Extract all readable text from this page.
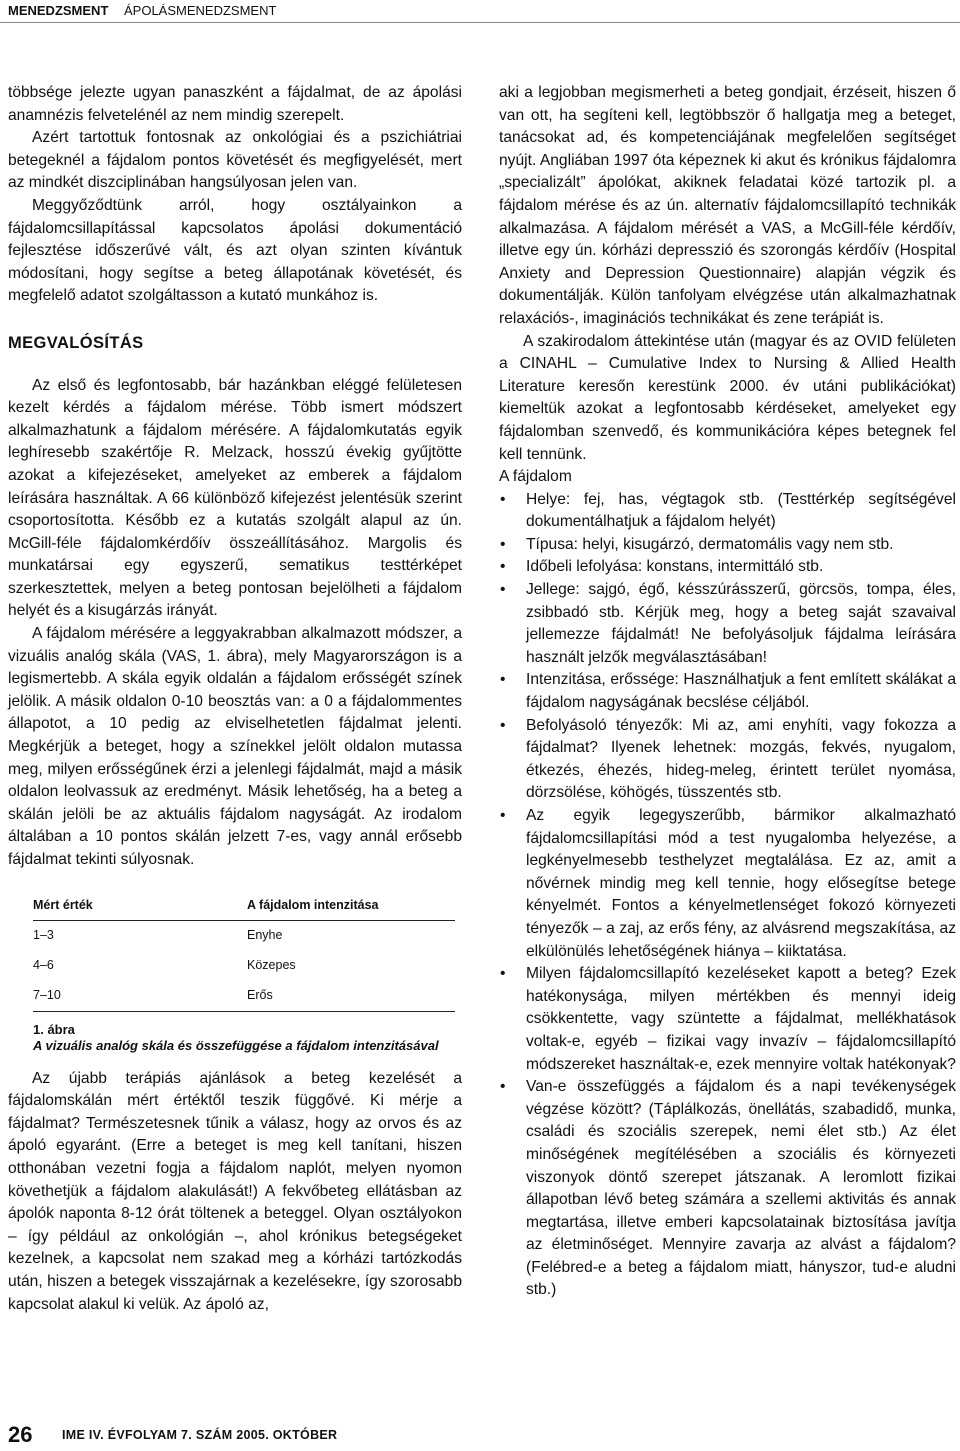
MENEDZSMENT ÁPOLÁSMENEDZSMENT

többsége jelezte ugyan panaszként a fájdalmat, de az ápolási anamnézis felvetelénél az nem mindig szerepelt.

Azért tartottuk fontosnak az onkológiai és a pszichiátriai betegeknél a fájdalom pontos követését és megfigyelését, mert az mindkét diszciplinában hangsúlyosan jelen van.

Meggyőződtünk arról, hogy osztályainkon a fájdalomcsillapítással kapcsolatos ápolási dokumentáció fejlesztése időszerűvé vált, és azt olyan szinten kívántuk módosítani, hogy segítse a beteg állapotának követését, és megfelelő adatot szolgáltasson a kutató munkához is.

MEGVALÓSÍTÁS

Az első és legfontosabb, bár hazánkban eléggé felületesen kezelt kérdés a fájdalom mérése. Több ismert módszert alkalmazhatunk a fájdalom mérésére. A fájdalomkutatás egyik leghíresebb szakértője R. Melzack, hosszú évekig gyűjtötte azokat a kifejezéseket, amelyeket az emberek a fájdalom leírására használtak. A 66 különböző kifejezést jelentésük szerint csoportosította. Később ez a kutatás szolgált alapul az ún. McGill-féle fájdalomkérdőív összeállításához. Margolis és munkatársai egy egyszerű, sematikus testtérképet szerkesztettek, melyen a beteg pontosan bejelölheti a fájdalom helyét és a kisugárzás irányát.

A fájdalom mérésére a leggyakrabban alkalmazott módszer, a vizuális analóg skála (VAS, 1. ábra), mely Magyarországon is a legismertebb. A skála egyik oldalán a fájdalom erősségét színek jelölik. A másik oldalon 0-10 beosztás van: a 0 a fájdalommentes állapotot, a 10 pedig az elviselhetetlen fájdalmat jelenti. Megkérjük a beteget, hogy a színekkel jelölt oldalon mutassa meg, milyen erősségűnek érzi a jelenlegi fájdalmát, majd a másik oldalon leolvassuk az eredményt. Másik lehetőség, ha a beteg a skálán jelöli be az aktuális fájdalom nagyságát. Az irodalom általában a 10 pontos skálán jelzett 7-es, vagy annál erősebb fájdalmat tekinti súlyosnak.

Mért érték	A fájdalom intenzitása
1–3	Enyhe
4–6	Közepes
7–10	Erős
1. ábra
A vizuális analóg skála és összefüggése a fájdalom intenzitásával

Az újabb terápiás ajánlások a beteg kezelését a fájdalomskálán mért értéktől teszik függővé. Ki mérje a fájdalmat? Természetesnek tűnik a válasz, hogy az orvos és az ápoló egyaránt. (Erre a beteget is meg kell tanítani, hiszen otthonában vezetni fogja a fájdalom naplót, melyen nyomon követhetjük a fájdalom alakulását!) A fekvőbeteg ellátásban az ápolók naponta 8-12 órát töltenek a beteggel. Olyan osztályokon – így például az onkológián –, ahol krónikus betegségeket kezelnek, a kapcsolat nem szakad meg a kórházi tartózkodás után, hiszen a betegek visszajárnak a kezelésekre, így szorosabb kapcsolat alakul ki velük. Az ápoló az,

aki a legjobban megismerheti a beteg gondjait, érzéseit, hiszen ő van ott, ha segíteni kell, legtöbbször ő hallgatja meg a beteget, tanácsokat ad, és kompetenciájának megfelelően segítséget nyújt. Angliában 1997 óta képeznek ki akut és krónikus fájdalomra „specializált” ápolókat, akiknek feladatai közé tartozik pl. a fájdalom mérése és az ún. alternatív fájdalomcsillapító technikák alkalmazása. A fájdalom mérését a VAS, a McGill-féle kérdőív, illetve egy ún. kórházi depresszió és szorongás kérdőív (Hospital Anxiety and Depression Questionnaire) alapján végzik és dokumentálják. Külön tanfolyam elvégzése után alkalmazhatnak relaxációs-, imaginációs technikákat és zene terápiát is.

A szakirodalom áttekintése után (magyar és az OVID felületen a CINAHL – Cumulative Index to Nursing & Allied Health Literature keresőn kerestünk 2000. év utáni publikációkat) kiemeltük azokat a legfontosabb kérdéseket, amelyeket egy fájdalomban szenvedő, és kommunikációra képes betegnek fel kell tennünk.

A fájdalom

• Helye: fej, has, végtagok stb. (Testtérkép segítségével dokumentálhatjuk a fájdalom helyét)
• Típusa: helyi, kisugárzó, dermatomális vagy nem stb.
• Időbeli lefolyása: konstans, intermittáló stb.
• Jellege: sajgó, égő, késszúrásszerű, görcsös, tompa, éles, zsibbadó stb. Kérjük meg, hogy a beteg saját szavaival jellemezze fájdalmát! Ne befolyásoljuk fájdalma leírására használt jelzők megválasztásában!
• Intenzitása, erőssége: Használhatjuk a fent említett skálákat a fájdalom nagyságának becslése céljából.
• Befolyásoló tényezők: Mi az, ami enyhíti, vagy fokozza a fájdalmat? Ilyenek lehetnek: mozgás, fekvés, nyugalom, étkezés, éhezés, hideg-meleg, érintett terület nyomása, dörzsölése, köhögés, tüsszentés stb.
• Az egyik legegyszerűbb, bármikor alkalmazható fájdalomcsillapítási mód a test nyugalomba helyezése, a legkényelmesebb testhelyzet megtalálása. Ez az, amit a nővérnek mindig meg kell tennie, hogy elősegítse betege kényelmét. Fontos a kényelmetlenséget fokozó környezeti tényezők – a zaj, az erős fény, az alvásrend megszakítása, az elkülönülés lehetőségének hiánya – kiiktatása.
• Milyen fájdalomcsillapító kezeléseket kapott a beteg? Ezek hatékonysága, milyen mértékben és mennyi ideig csökkentette, vagy szüntette a fájdalmat, mellékhatások voltak-e, egyéb – fizikai vagy invazív – fájdalomcsillapító módszereket használtak-e, ezek mennyire voltak hatékonyak?
• Van-e összefüggés a fájdalom és a napi tevékenységek végzése között? (Táplálkozás, önellátás, szabadidő, munka, családi és szociális szerepek, nemi élet stb.) Az élet minőségének megítélésében a szociális és környezeti viszonyok döntő szerepet játszanak. A leromlott fizikai állapotban lévő beteg számára a szellemi aktivitás és annak megtartása, illetve emberi kapcsolatainak biztosítása javítja az életminőséget. Mennyire zavarja az alvást a fájdalom? (Felébred-e a beteg a fájdalom miatt, hányszor, tud-e aludni stb.)
26 IME IV. ÉVFOLYAM 7. SZÁM 2005. OKTÓBER
